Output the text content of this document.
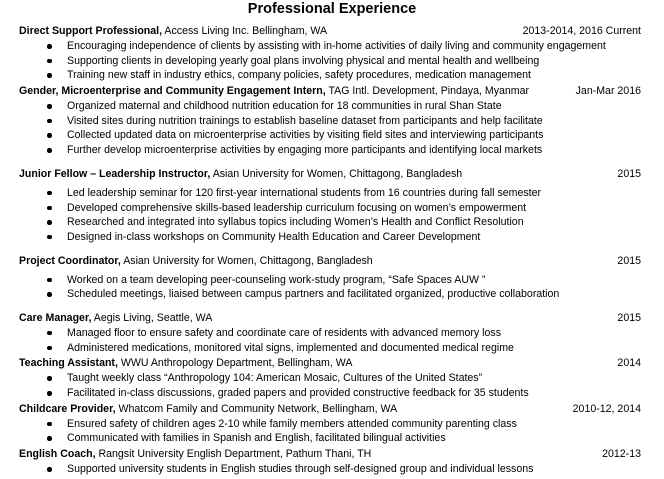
Professional Experience
Direct Support Professional, Access Living Inc. Bellingham, WA	2013-2014, 2016 Current
Encouraging independence of clients by assisting with in-home activities of daily living and community engagement
Supporting clients in developing yearly goal plans involving physical and mental health and wellbeing
Training new staff in industry ethics, company policies, safety procedures, medication management
Gender, Microenterprise and Community Engagement Intern, TAG Intl. Development, Pindaya, Myanmar	Jan-Mar 2016
Organized maternal and childhood nutrition education for 18 communities in rural Shan State
Visited sites during nutrition trainings to establish baseline dataset from participants and help facilitate
Collected updated data on microenterprise activities by visiting field sites and interviewing participants
Further develop microenterprise activities by engaging more participants and identifying local markets
Junior Fellow – Leadership Instructor, Asian University for Women, Chittagong, Bangladesh	2015
Led leadership seminar for 120 first-year international students from 16 countries during fall semester
Developed comprehensive skills-based leadership curriculum focusing on women’s empowerment
Researched and integrated into syllabus topics including Women’s Health and Conflict Resolution
Designed in-class workshops on Community Health Education and Career Development
Project Coordinator, Asian University for Women, Chittagong, Bangladesh	2015
Worked on a team developing peer-counseling work-study program, “Safe Spaces AUW ”
Scheduled meetings, liaised between campus partners and facilitated organized, productive collaboration
Care Manager, Aegis Living, Seattle, WA	2015
Managed floor to ensure safety and coordinate care of residents with advanced memory loss
Administered medications, monitored vital signs, implemented and documented medical regime
Teaching Assistant, WWU Anthropology Department, Bellingham, WA	2014
Taught weekly class “Anthropology 104: American Mosaic, Cultures of the United States”
Facilitated in-class discussions, graded papers and provided constructive feedback for 35 students
Childcare Provider, Whatcom Family and Community Network, Bellingham, WA	2010-12, 2014
Ensured safety of children ages 2-10 while family members attended community parenting class
Communicated with families in Spanish and English, facilitated bilingual activities
English Coach, Rangsit University English Department, Pathum Thani, TH	2012-13
Supported university students in English studies through self-designed group and individual lessons
